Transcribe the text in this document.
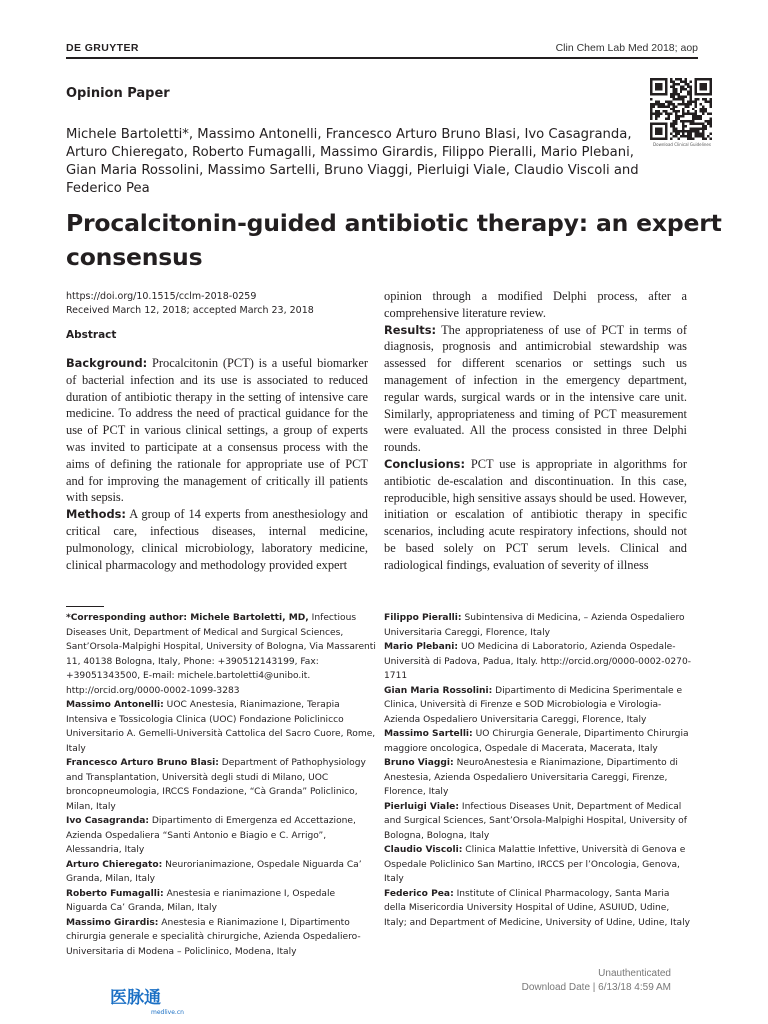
DE GRUYTER	Clin Chem Lab Med 2018; aop
Opinion Paper
Michele Bartoletti*, Massimo Antonelli, Francesco Arturo Bruno Blasi, Ivo Casagranda, Arturo Chieregato, Roberto Fumagalli, Massimo Girardis, Filippo Pieralli, Mario Plebani, Gian Maria Rossolini, Massimo Sartelli, Bruno Viaggi, Pierluigi Viale, Claudio Viscoli and Federico Pea
Download Clinical Guidelines
Procalcitonin-guided antibiotic therapy: an expert consensus
https://doi.org/10.1515/cclm-2018-0259
Received March 12, 2018; accepted March 23, 2018
Abstract

Background: Procalcitonin (PCT) is a useful biomarker of bacterial infection and its use is associated to reduced duration of antibiotic therapy in the setting of intensive care medicine. To address the need of practical guidance for the use of PCT in various clinical settings, a group of experts was invited to participate at a consensus process with the aims of defining the rationale for appropriate use of PCT and for improving the management of critically ill patients with sepsis.

Methods: A group of 14 experts from anesthesiology and critical care, infectious diseases, internal medicine, pulmonology, clinical microbiology, laboratory medicine, clinical pharmacology and methodology provided expert

opinion through a modified Delphi process, after a comprehensive literature review.

Results: The appropriateness of use of PCT in terms of diagnosis, prognosis and antimicrobial stewardship was assessed for different scenarios or settings such us management of infection in the emergency department, regular wards, surgical wards or in the intensive care unit. Similarly, appropriateness and timing of PCT measurement were evaluated. All the process consisted in three Delphi rounds.

Conclusions: PCT use is appropriate in algorithms for antibiotic de-escalation and discontinuation. In this case, reproducible, high sensitive assays should be used. However, initiation or escalation of antibiotic therapy in specific scenarios, including acute respiratory infections, should not be based solely on PCT serum levels. Clinical and radiological findings, evaluation of severity of illness

*Corresponding author: Michele Bartoletti, MD, Infectious Diseases Unit, Department of Medical and Surgical Sciences, Sant’Orsola-Malpighi Hospital, University of Bologna, Via Massarenti 11, 40138 Bologna, Italy, Phone: +390512143199, Fax: +39051343500, E-mail: michele.bartoletti4@unibo.it. http://orcid.org/0000-0002-1099-3283

Massimo Antonelli: UOC Anestesia, Rianimazione, Terapia Intensiva e Tossicologia Clinica (UOC) Fondazione Policlinicco Universitario A. Gemelli-Università Cattolica del Sacro Cuore, Rome, Italy

Francesco Arturo Bruno Blasi: Department of Pathophysiology and Transplantation, Università degli studi di Milano, UOC broncopneumologia, IRCCS Fondazione, “Cà Granda” Policlinico, Milan, Italy

Ivo Casagranda: Dipartimento di Emergenza ed Accettazione, Azienda Ospedaliera “Santi Antonio e Biagio e C. Arrigo”, Alessandria, Italy

Arturo Chieregato: Neurorianimazione, Ospedale Niguarda Ca’ Granda, Milan, Italy

Roberto Fumagalli: Anestesia e rianimazione I, Ospedale Niguarda Ca’ Granda, Milan, Italy

Massimo Girardis: Anestesia e Rianimazione I, Dipartimento chirurgia generale e specialità chirurgiche, Azienda Ospedaliero-Universitaria di Modena – Policlinico, Modena, Italy

Filippo Pieralli: Subintensiva di Medicina, – Azienda Ospedaliero Universitaria Careggi, Florence, Italy

Mario Plebani: UO Medicina di Laboratorio, Azienda Ospedale-Università di Padova, Padua, Italy. http://orcid.org/0000-0002-0270-1711

Gian Maria Rossolini: Dipartimento di Medicina Sperimentale e Clinica, Università di Firenze e SOD Microbiologia e Virologia-Azienda Ospedaliero Universitaria Careggi, Florence, Italy

Massimo Sartelli: UO Chirurgia Generale, Dipartimento Chirurgia maggiore oncologica, Ospedale di Macerata, Macerata, Italy

Bruno Viaggi: NeuroAnestesia e Rianimazione, Dipartimento di Anestesia, Azienda Ospedaliero Universitaria Careggi, Firenze, Florence, Italy

Pierluigi Viale: Infectious Diseases Unit, Department of Medical and Surgical Sciences, Sant’Orsola-Malpighi Hospital, University of Bologna, Bologna, Italy

Claudio Viscoli: Clinica Malattie Infettive, Università di Genova e Ospedale Policlinico San Martino, IRCCS per l’Oncologia, Genova, Italy

Federico Pea: Institute of Clinical Pharmacology, Santa Maria della Misericordia University Hospital of Udine, ASUIUD, Udine, Italy; and Department of Medicine, University of Udine, Udine, Italy

Unauthenticated
Download Date | 6/13/18 4:59 AM
医脉通
medlive.cn
